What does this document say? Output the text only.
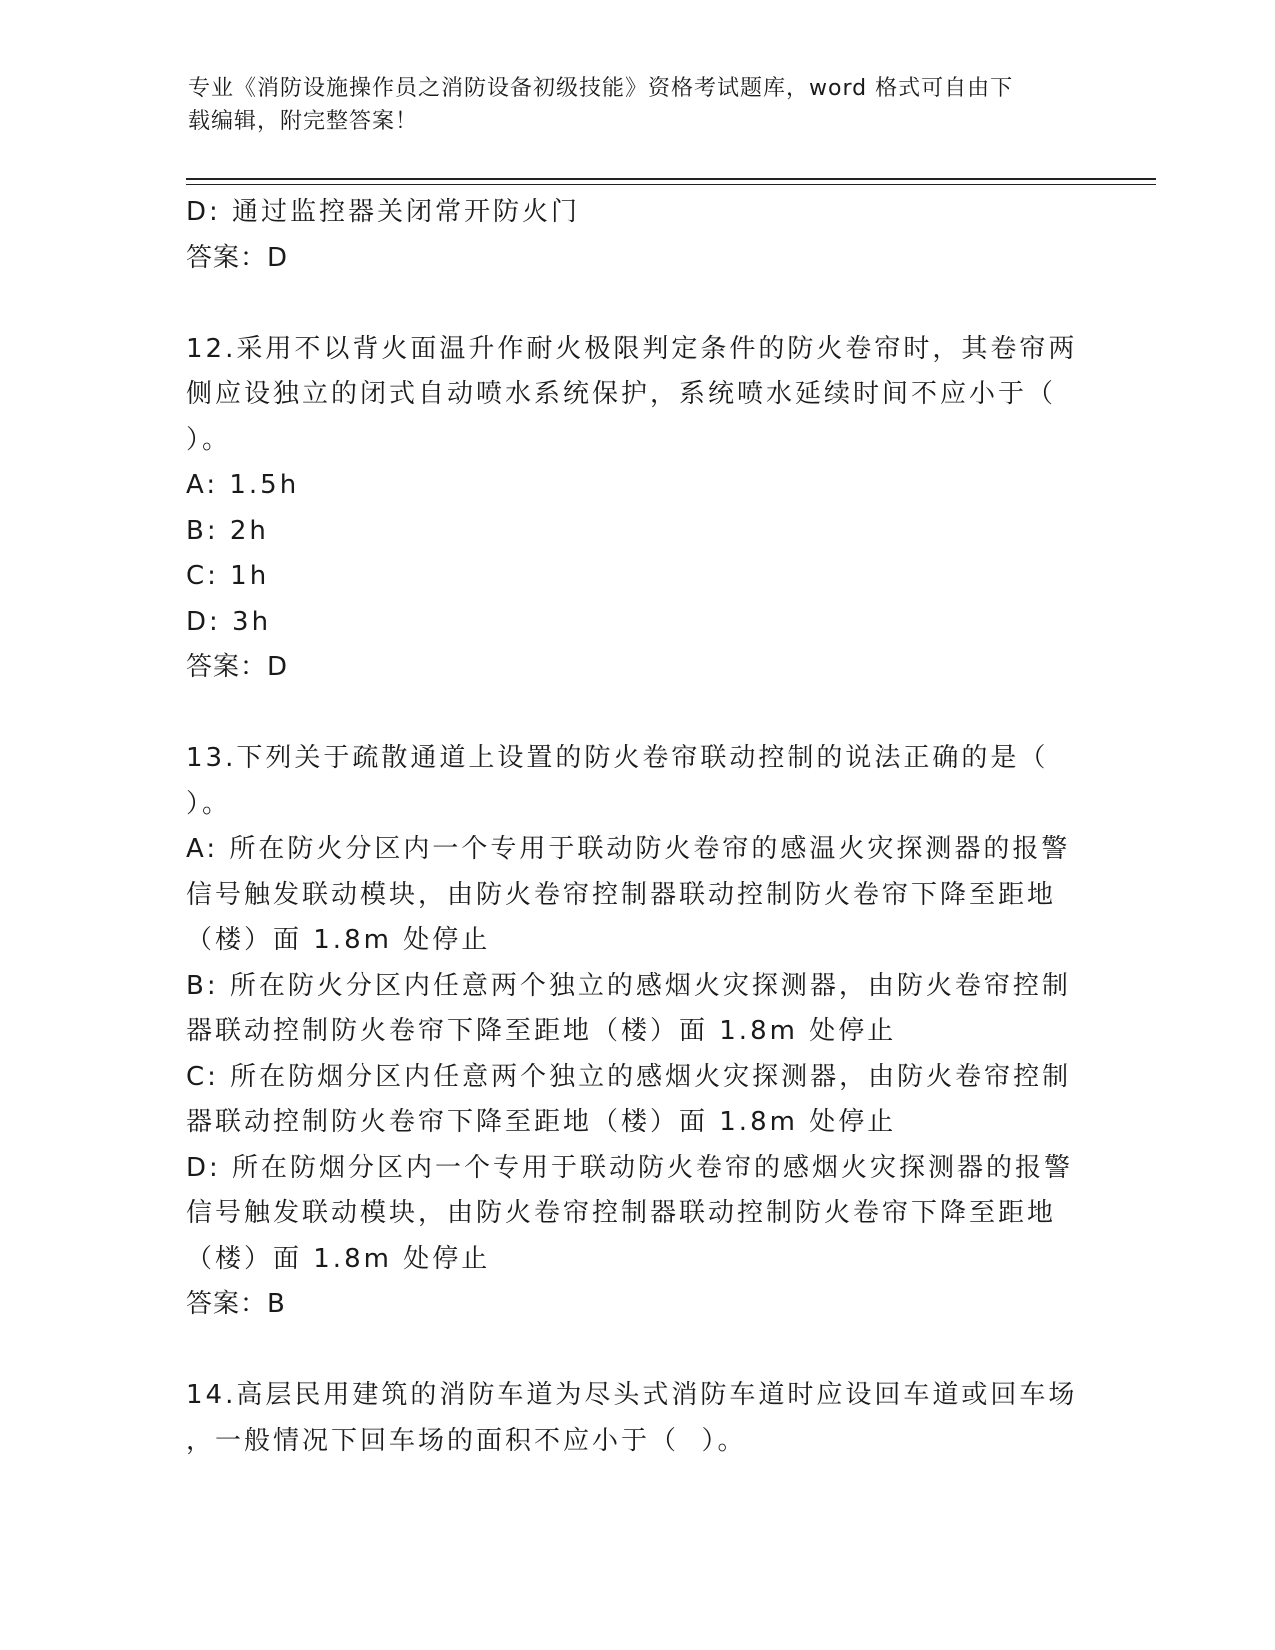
专业《消防设施操作员之消防设备初级技能》资格考试题库，word 格式可自由下
载编辑，附完整答案！
D: 通过监控器关闭常开防火门
答案：D
12.采用不以背火面温升作耐火极限判定条件的防火卷帘时，其卷帘两
侧应设独立的闭式自动喷水系统保护，系统喷水延续时间不应小于（
）。
A: 1.5h
B: 2h
C: 1h
D: 3h
答案：D
13.下列关于疏散通道上设置的防火卷帘联动控制的说法正确的是（
）。
A: 所在防火分区内一个专用于联动防火卷帘的感温火灾探测器的报警
信号触发联动模块，由防火卷帘控制器联动控制防火卷帘下降至距地
（楼）面 1.8m 处停止
B: 所在防火分区内任意两个独立的感烟火灾探测器，由防火卷帘控制
器联动控制防火卷帘下降至距地（楼）面 1.8m 处停止
C: 所在防烟分区内任意两个独立的感烟火灾探测器，由防火卷帘控制
器联动控制防火卷帘下降至距地（楼）面 1.8m 处停止
D: 所在防烟分区内一个专用于联动防火卷帘的感烟火灾探测器的报警
信号触发联动模块，由防火卷帘控制器联动控制防火卷帘下降至距地
（楼）面 1.8m 处停止
答案：B
14.高层民用建筑的消防车道为尽头式消防车道时应设回车道或回车场
，一般情况下回车场的面积不应小于（  ）。
